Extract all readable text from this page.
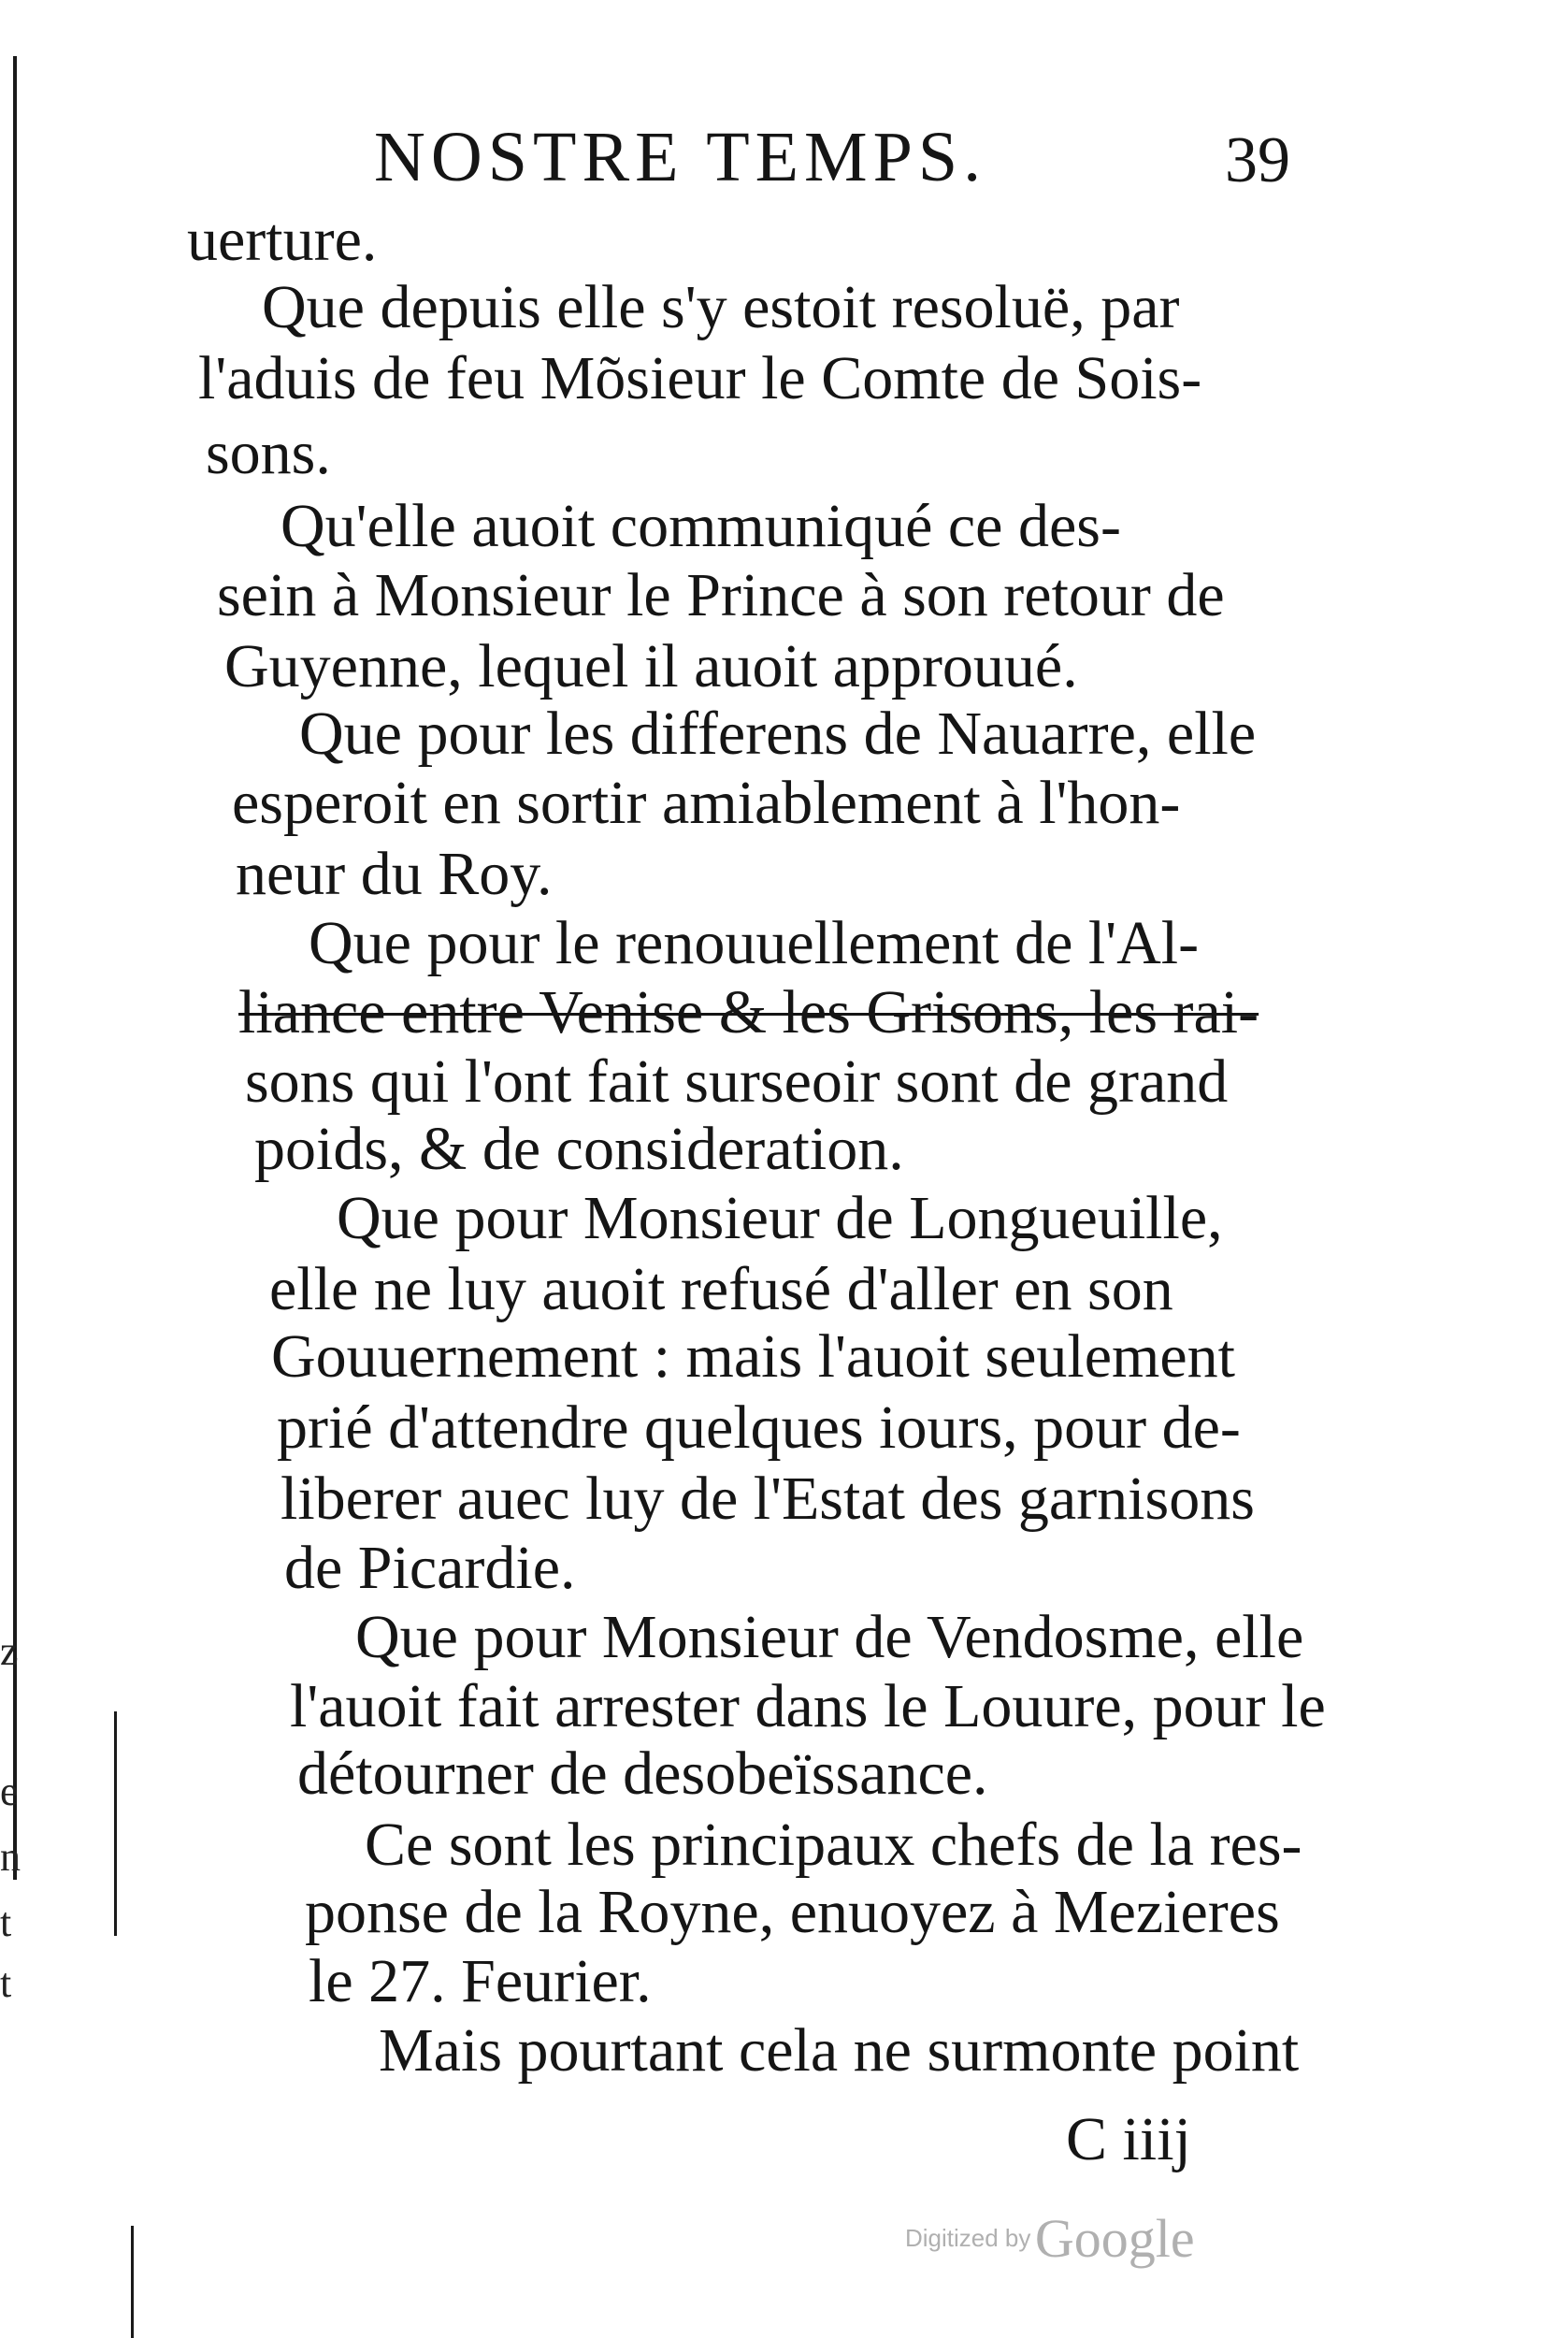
z
e
n
t
t
NOSTRE TEMPS.	39
uerture.
Que depuis elle s'y estoit resoluë, par
l'aduis de feu Mõsieur le Comte de Sois-
sons.
Qu'elle auoit communiqué ce des-
sein à Monsieur le Prince à son retour de
Guyenne, lequel il auoit approuué.
Que pour les differens de Nauarre, elle
esperoit en sortir amiablement à l'hon-
neur du Roy.
Que pour le renouuellement de l'Al-
liance entre Venise & les Grisons, les rai-
sons qui l'ont fait surseoir sont de grand
poids, & de consideration.
Que pour Monsieur de Longueuille,
elle ne luy auoit refusé d'aller en son
Gouuernement : mais l'auoit seulement
prié d'attendre quelques iours, pour de-
liberer auec luy de l'Estat des garnisons
de Picardie.
Que pour Monsieur de Vendosme, elle
l'auoit fait arrester dans le Louure, pour le
détourner de desobeïssance.
Ce sont les principaux chefs de la res-
ponse de la Royne, enuoyez à Mezieres
le 27. Feurier.
Mais pourtant cela ne surmonte point
C iiij
Digitized by Google
